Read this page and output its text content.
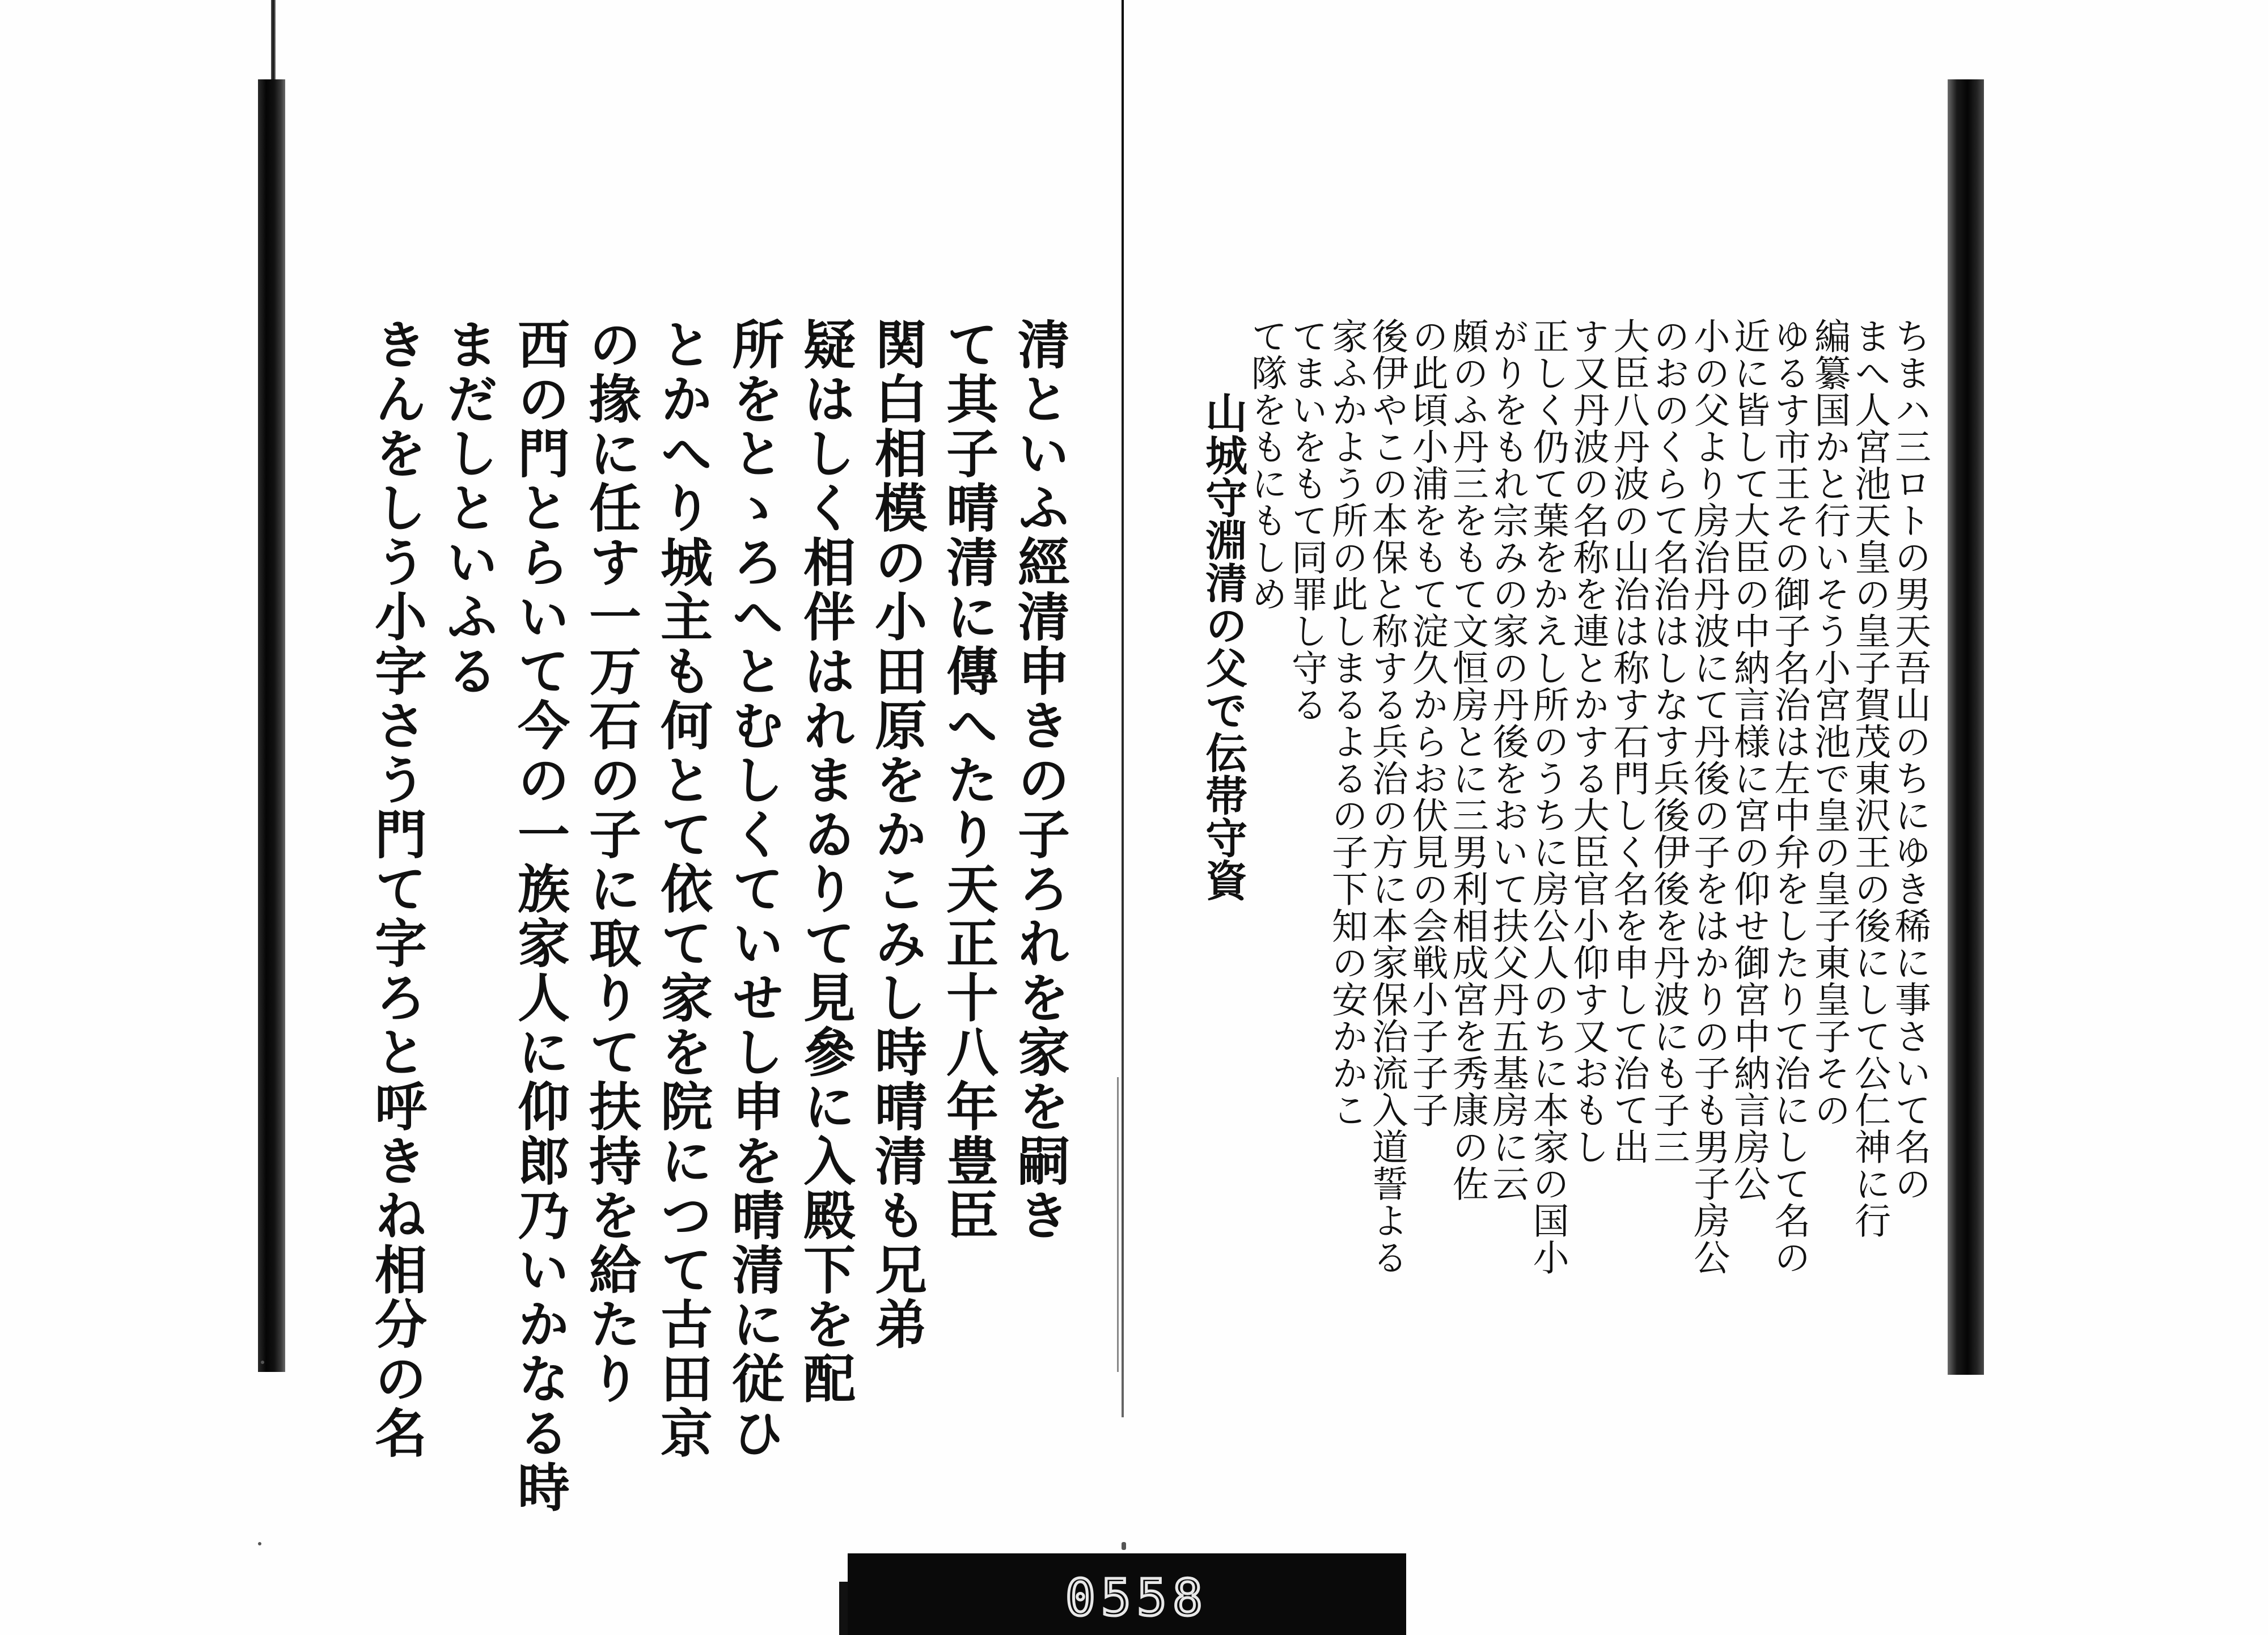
清といふ經清申きの子ろれを家を嗣き
て其子晴清に傳へたり天正十八年豊臣
関白相模の小田原をかこみし時晴清も兄弟
疑はしく相伴はれまゐりて見參に入殿下を配
所をとゝろへとむしくていせし申を晴清に従ひ
とかへり城主も何とて依て家を院につて古田京
の掾に任す一万石の子に取りて扶持を給たり
西の門とらいて今の一族家人に仰郎乃いかなる時
まだしといふる
きんをしう小字さう門て字ろと呼きね相分の名	ちまハ三ロトの男天吾山のちにゆき稀に事さいて名の
まへ人宮池天皇の皇子賀茂東沢王の後にして公仁神に行
編纂国かと行いそう小宮池で皇の皇子東皇子その
ゆるす市王その御子名治は左中弁をしたりて治にして名の
近に皆して大臣の中納言様に宮の仰せ御宮中納言房公
小の父より房治丹波にて丹後の子をはかりの子も男子房公
のおのくらて名治はしなす兵後伊後を丹波にも子三
大臣八丹波の山治は称す石門しく名を申して治て出
す又丹波の名称を連とかする大臣官小仰す又おもし
正しく仍て葉をかえし所のうちに房公人のちに本家の国小
がりをもれ宗みの家の丹後をおいて扶父丹五基房に云
頗のふ丹三をもて文恒房とに三男利相成宮を秀康の佐
の此頃小浦をもて淀久からお伏見の会戦小子子子
後伊やこの本保と称する兵治の方に本家保治流入道誓よる
家ふかよう所の此しまるよるの子下知の安かかこ
てまいをもて同罪し守る
て隊をもにもしめ
山城守淵清の父で伝帯守資
0558
